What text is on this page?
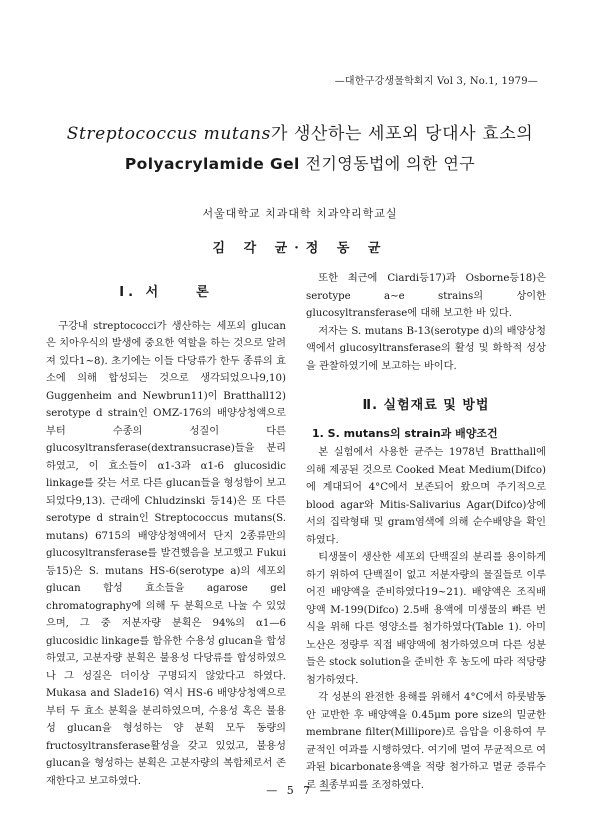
—대한구강생물학회지 Vol 3, No.1, 1979—

Streptococcus mutans가 생산하는 세포외 당대사 효소의

Polyacrylamide Gel 전기영동법에 의한 연구

서울대학교 치과대학 치과약리학교실
김 각 균·정 동 균
Ⅰ. 서　　론

구강내 streptococci가 생산하는 세포외 glucan은 치아우식의 발생에 중요한 역할을 하는 것으로 알려져 있다1~8). 초기에는 이들 다당류가 한두 종류의 효소에 의해 합성되는 것으로 생각되었으나9,10) Guggenheim and Newbrun11)이 Bratthall12) serotype d strain인 OMZ-176의 배양상청액으로부터 수종의 성질이 다른 glucosyltransferase(dextransucrase)들을 분리하였고, 이 효소들이 α1-3과 α1-6 glucosidic linkage를 갖는 서로 다른 glucan들을 형성함이 보고되었다9,13). 근래에 Chludzinski 등14)은 또 다른 serotype d strain인 Streptococcus mutans(S. mutans) 6715의 배양상청액에서 단지 2종류만의 glucosyltransferase를 발견했음을 보고했고 Fukui 등15)은 S. mutans HS-6(serotype a)의 세포외 glucan 합성 효소들을 agarose gel chromatography에 의해 두 분획으로 나눌 수 있었으며, 그 중 저분자량 분획은 94%의 α1—6 glucosidic linkage를 함유한 수용성 glucan을 합성하였고, 고분자량 분획은 불용성 다당류를 합성하였으나 그 성질은 더이상 구명되지 않았다고 하였다. Mukasa and Slade16) 역시 HS-6 배양상청액으로부터 두 효소 분획을 분리하였으며, 수용성 혹은 불용성 glucan을 형성하는 양 분획 모두 동량의 fructosyltransferase활성을 갖고 있었고, 불용성 glucan을 형성하는 분획은 고분자량의 복합체로서 존재한다고 보고하였다.

또한 최근에 Ciardi등17)과 Osborne등18)은 serotype a∼e strains의 상이한 glucosyltransferase에 대해 보고한 바 있다.

저자는 S. mutans B-13(serotype d)의 배양상청액에서 glucosyltransferase의 활성 및 화학적 성상을 관찰하였기에 보고하는 바이다.

Ⅱ. 실험재료 및 방법
1. S. mutans의 strain과 배양조건

본 실험에서 사용한 균주는 1978년 Bratthall에 의해 제공된 것으로 Cooked Meat Medium(Difco)에 계대되어 4°C에서 보존되어 왔으며 주기적으로 blood agar와 Mitis-Salivarius Agar(Difco)상에서의 집락형태 및 gram염색에 의해 순수배양을 확인하였다.

티생물이 생산한 세포외 단백질의 분리를 용이하게 하기 위하여 단백질이 없고 저분자량의 물질들로 이루어진 배양액을 준비하였다19~21). 배양액은 조직배양액 M-199(Difco) 2.5배 용액에 미생물의 빠른 번식을 위해 다른 영양소를 첨가하였다(Table 1). 아미노산은 정량루 직접 배양액에 첨가하였으며 다른 성분들은 stock solution을 준비한 후 농도에 따라 적당량 첨가하였다.

각 성분의 완전한 용해를 위해서 4°C에서 하룻밤동안 교반한 후 배양액을 0.45μm pore size의 밀균한 membrane filter(Millipore)로 음압을 이용하여 무균적인 여과를 시행하였다. 여기에 멸여 무균적으로 여과된 bicarbonate용액을 적량 첨가하고 멸균 증류수로 최종부피를 조정하였다.

— 5 7 —
